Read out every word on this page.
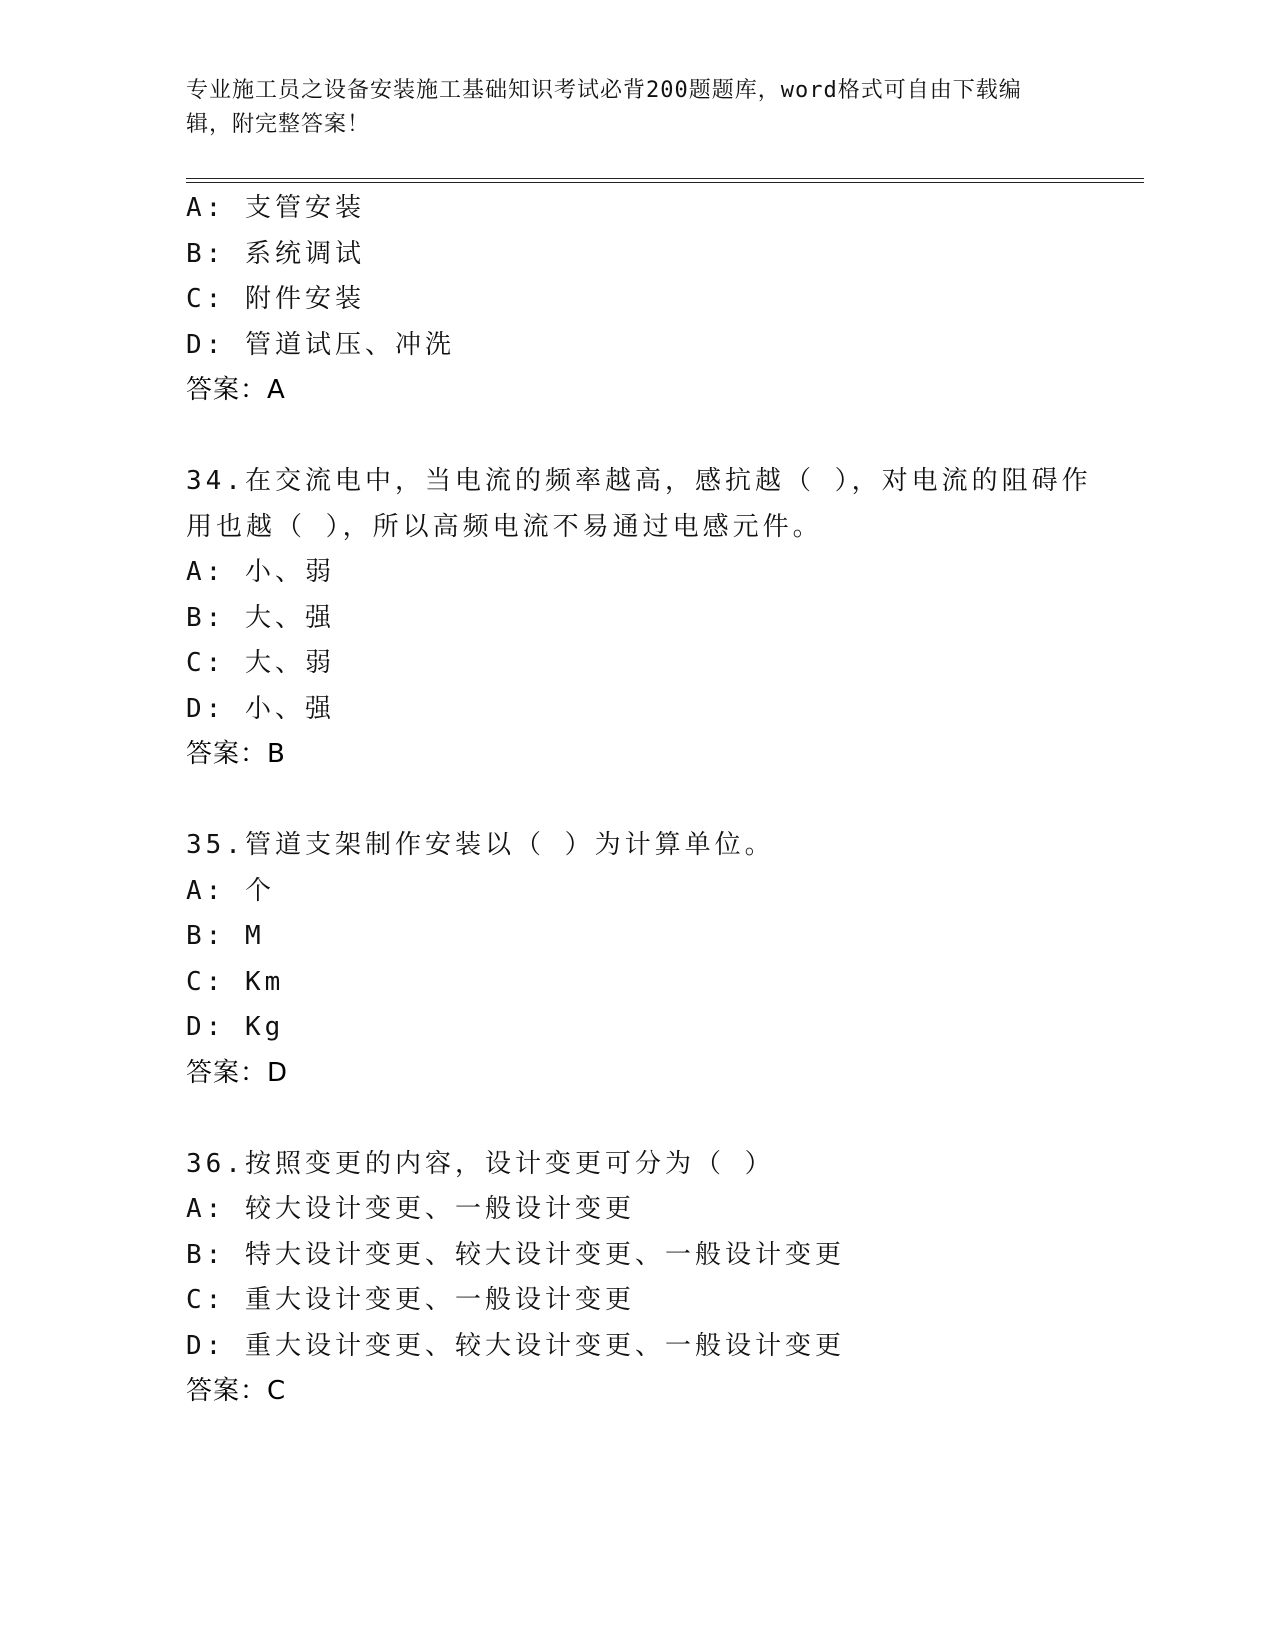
专业施工员之设备安装施工基础知识考试必背200题题库，word格式可自由下载编辑，附完整答案！
A: 支管安装
B: 系统调试
C: 附件安装
D: 管道试压、冲洗
答案：A
34.在交流电中，当电流的频率越高，感抗越（ ），对电流的阻碍作
用也越（ ），所以高频电流不易通过电感元件。
A: 小、弱
B: 大、强
C: 大、弱
D: 小、强
答案：B
35.管道支架制作安装以（ ）为计算单位。
A: 个
B: M
C: Km
D: Kg
答案：D
36.按照变更的内容，设计变更可分为（ ）
A: 较大设计变更、一般设计变更
B: 特大设计变更、较大设计变更、一般设计变更
C: 重大设计变更、一般设计变更
D: 重大设计变更、较大设计变更、一般设计变更
答案：C
